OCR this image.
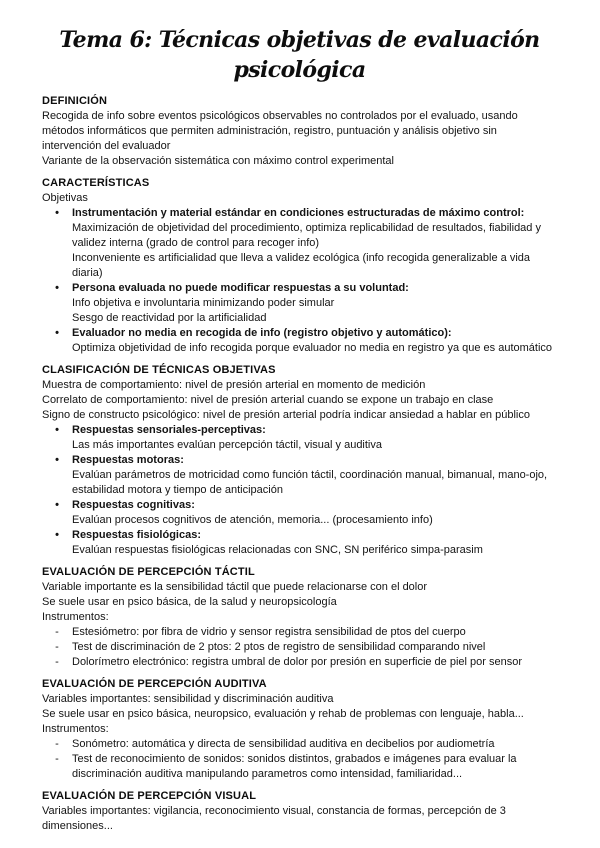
Tema 6: Técnicas objetivas de evaluación psicológica
DEFINICIÓN

Recogida de info sobre eventos psicológicos observables no controlados por el evaluado, usando métodos informáticos que permiten administración, registro, puntuación y análisis objetivo sin intervención del evaluador

Variante de la observación sistemática con máximo control experimental

CARACTERÍSTICAS

Objetivas

•	Instrumentación y material estándar en condiciones estructuradas de máximo control:

Maximización de objetividad del procedimiento, optimiza replicabilidad de resultados, fiabilidad y validez interna (grado de control para recoger info)

Inconveniente es artificialidad que lleva a validez ecológica (info recogida generalizable a vida diaria)

•	Persona evaluada no puede modificar respuestas a su voluntad:

Info objetiva e involuntaria minimizando poder simular

Sesgo de reactividad por la artificialidad

•	Evaluador no media en recogida de info (registro objetivo y automático):

Optimiza objetividad de info recogida porque evaluador no media en registro ya que es automático

CLASIFICACIÓN DE TÉCNICAS OBJETIVAS

Muestra de comportamiento: nivel de presión arterial en momento de medición

Correlato de comportamiento: nivel de presión arterial cuando se expone un trabajo en clase

Signo de constructo psicológico: nivel de presión arterial podría indicar ansiedad a hablar en público

•	Respuestas sensoriales-perceptivas:

Las más importantes evalúan percepción táctil, visual y auditiva

•	Respuestas motoras:

Evalúan parámetros de motricidad como función táctil, coordinación manual, bimanual, mano-ojo, estabilidad motora y tiempo de anticipación

•	Respuestas cognitivas:

Evalúan procesos cognitivos de atención, memoria... (procesamiento info)

•	Respuestas fisiológicas:

Evalúan respuestas fisiológicas relacionadas con SNC, SN periférico simpa-parasim

EVALUACIÓN DE PERCEPCIÓN TÁCTIL

Variable importante es la sensibilidad táctil que puede relacionarse con el dolor

Se suele usar en psico básica, de la salud y neuropsicología

Instrumentos:

-	Estesiómetro: por fibra de vidrio y sensor registra sensibilidad de ptos del cuerpo

-	Test de discriminación de 2 ptos: 2 ptos de registro de sensibilidad comparando nivel

-	Dolorímetro electrónico: registra umbral de dolor por presión en superficie de piel por sensor

EVALUACIÓN DE PERCEPCIÓN AUDITIVA

Variables importantes: sensibilidad y discriminación auditiva

Se suele usar en psico básica, neuropsico, evaluación y rehab de problemas con lenguaje, habla...

Instrumentos:

-	Sonómetro: automática y directa de sensibilidad auditiva en decibelios por audiometría

-	Test de reconocimiento de sonidos: sonidos distintos, grabados e imágenes para evaluar la discriminación auditiva manipulando parametros como intensidad, familiaridad...

EVALUACIÓN DE PERCEPCIÓN VISUAL

Variables importantes: vigilancia, reconocimiento visual, constancia de formas, percepción de 3 dimensiones...
